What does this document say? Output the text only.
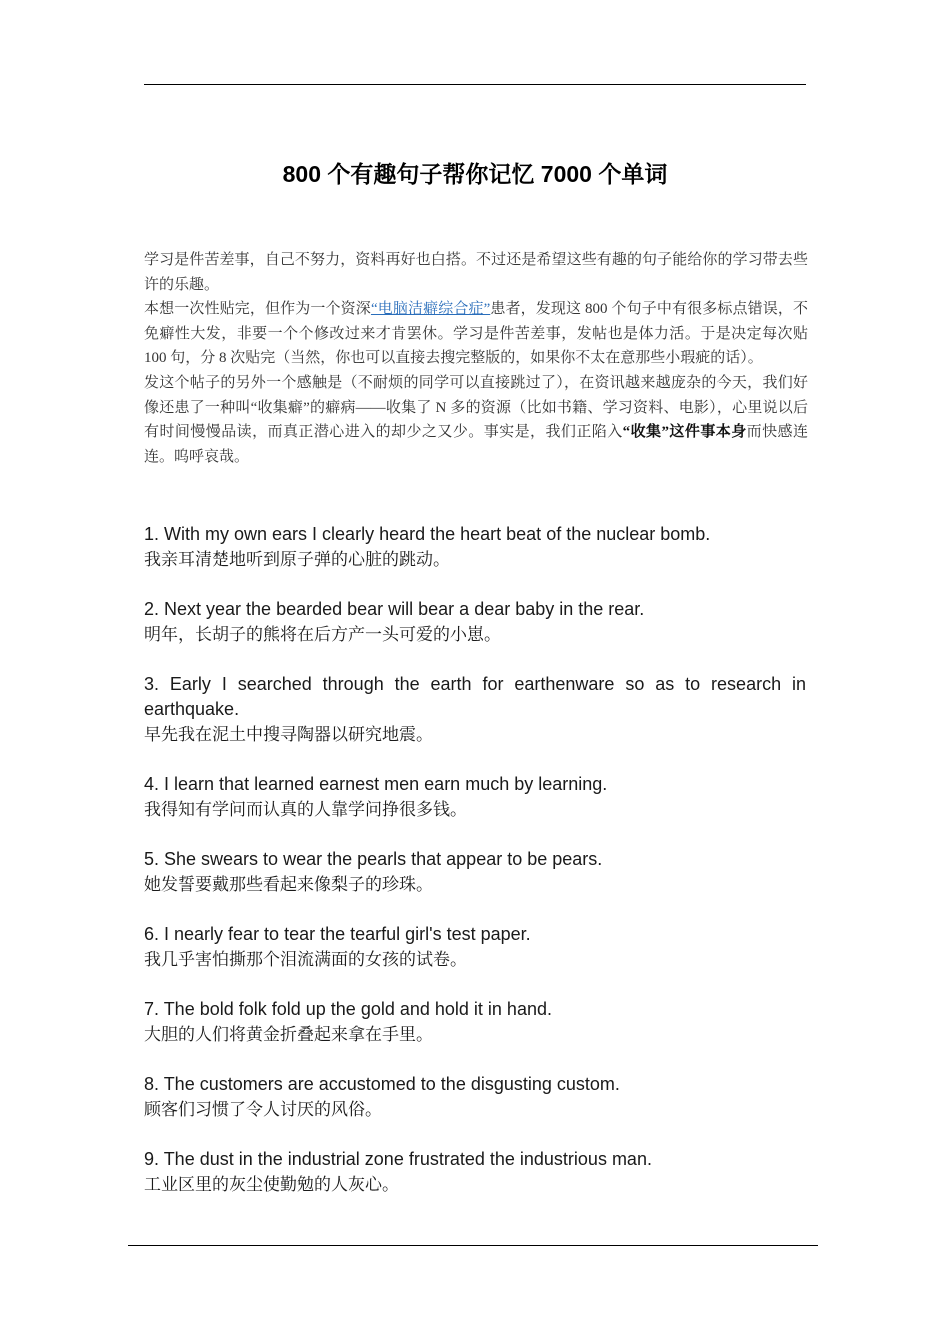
800 个有趣句子帮你记忆 7000 个单词

学习是件苦差事，自己不努力，资料再好也白搭。不过还是希望这些有趣的句子能给你的学习带去些许的乐趣。

本想一次性贴完，但作为一个资深“电脑洁癖综合症”患者，发现这 800 个句子中有很多标点错误，不免癖性大发，非要一个个修改过来才肯罢休。学习是件苦差事，发帖也是体力活。于是决定每次贴 100 句，分 8 次贴完（当然，你也可以直接去搜完整版的，如果你不太在意那些小瑕疵的话）。

发这个帖子的另外一个感触是（不耐烦的同学可以直接跳过了），在资讯越来越庞杂的今天，我们好像还患了一种叫“收集癖”的癖病——收集了 N 多的资源（比如书籍、学习资料、电影），心里说以后有时间慢慢品读，而真正潜心进入的却少之又少。事实是，我们正陷入“收集”这件事本身而快感连连。呜呼哀哉。

1. With my own ears I clearly heard the heart beat of the nuclear bomb.

我亲耳清楚地听到原子弹的心脏的跳动。

2. Next year the bearded bear will bear a dear baby in the rear.

明年，长胡子的熊将在后方产一头可爱的小崽。

3. Early I searched through the earth for earthenware so as to research in earthquake.

早先我在泥土中搜寻陶器以研究地震。

4. I learn that learned earnest men earn much by learning.

我得知有学问而认真的人靠学问挣很多钱。

5. She swears to wear the pearls that appear to be pears.

她发誓要戴那些看起来像梨子的珍珠。

6. I nearly fear to tear the tearful girl's test paper.

我几乎害怕撕那个泪流满面的女孩的试卷。

7. The bold folk fold up the gold and hold it in hand.

大胆的人们将黄金折叠起来拿在手里。

8. The customers are accustomed to the disgusting custom.

顾客们习惯了令人讨厌的风俗。

9. The dust in the industrial zone frustrated the industrious man.

工业区里的灰尘使勤勉的人灰心。
